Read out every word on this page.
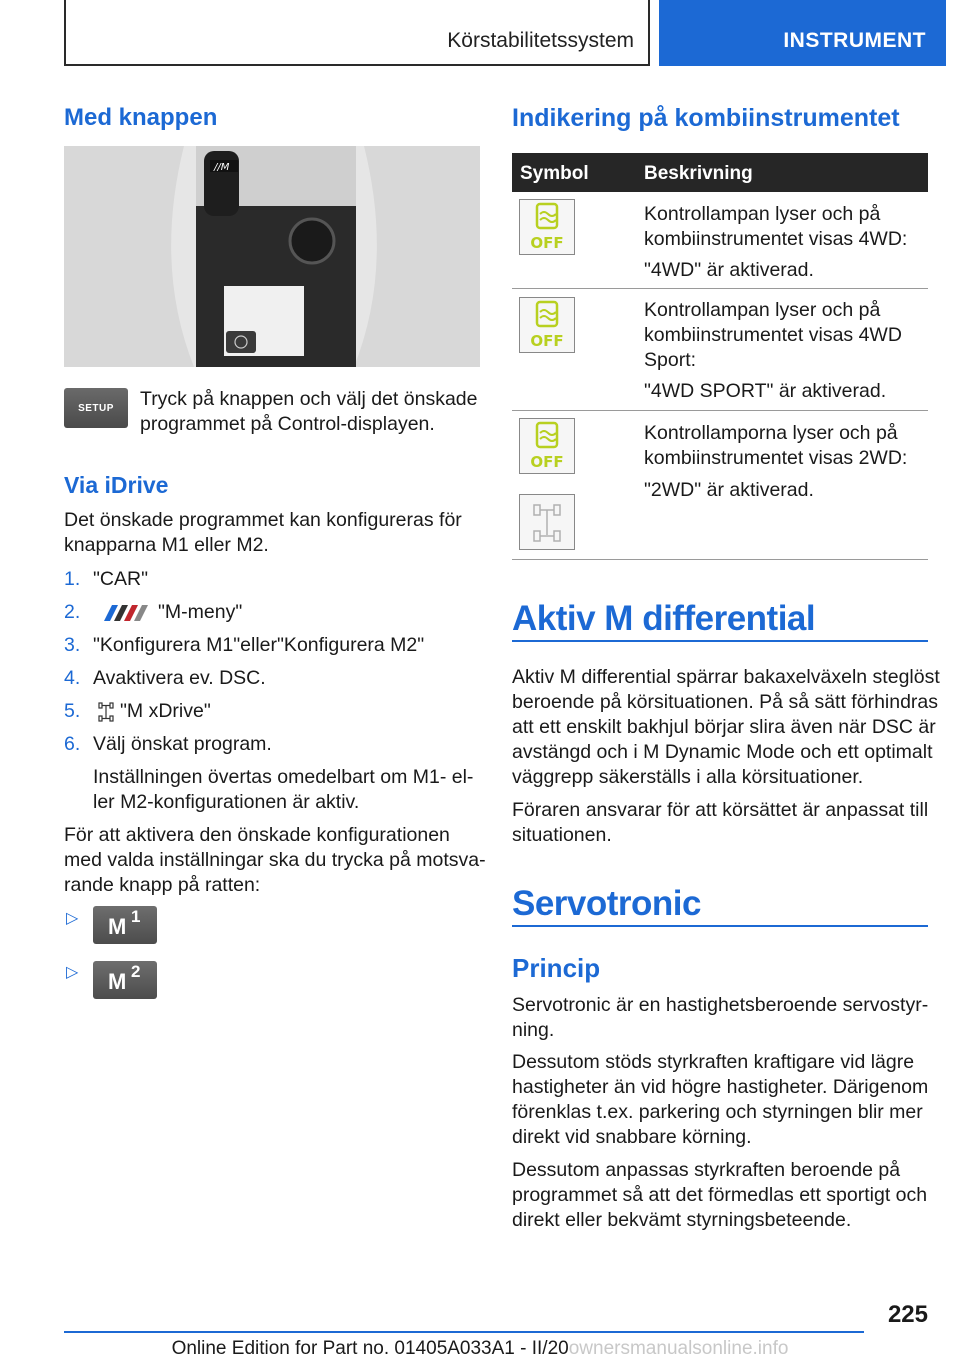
Körstabilitetssystem	INSTRUMENT
Med knappen
//M
SETUP	Tryck på knappen och välj det önskade
programmet på Control-displayen.
Via iDrive
Det önskade programmet kan konfigureras för
knapparna M1 eller M2.
1. "CAR"
2.	"M-meny"
3. "Konfigurera M1"eller"Konfigurera M2"
4. Avaktivera ev. DSC.
5. "M xDrive"
6. Välj önskat program.
Inställningen övertas omedelbart om M1- el-
ler M2-konfigurationen är aktiv.
För att aktivera den önskade konfigurationen
med valda inställningar ska du trycka på motsva-
rande knapp på ratten:
▷ M 1
▷ M 2
Indikering på kombiinstrumentet
Symbol	Beskrivning
OFF
Kontrollampan lyser och på
kombiinstrumentet visas 4WD:
"4WD" är aktiverad.
OFF
Kontrollampan lyser och på
kombiinstrumentet visas 4WD
Sport:
"4WD SPORT" är aktiverad.
OFF
Kontrollamporna lyser och på
kombiinstrumentet visas 2WD:
"2WD" är aktiverad.
Aktiv M differential
Aktiv M differential spärrar bakaxelväxeln steglöst
beroende på körsituationen. På så sätt förhindras
att ett enskilt bakhjul börjar slira även när DSC är
avstängd och i M Dynamic Mode och ett optimalt
väggrepp säkerställs i alla körsituationer.
Föraren ansvarar för att körsättet är anpassat till
situationen.
Servotronic
Princip
Servotronic är en hastighetsberoende servostyr-
ning.
Dessutom stöds styrkraften kraftigare vid lägre
hastigheter än vid högre hastigheter. Därigenom
förenklas t.ex. parkering och styrningen blir mer
direkt vid snabbare körning.
Dessutom anpassas styrkraften beroende på
programmet så att det förmedlas ett sportigt och
direkt eller bekvämt styrningsbeteende.
225
Online Edition for Part no. 01405A033A1 - II/20ownersmanualsonline.info
